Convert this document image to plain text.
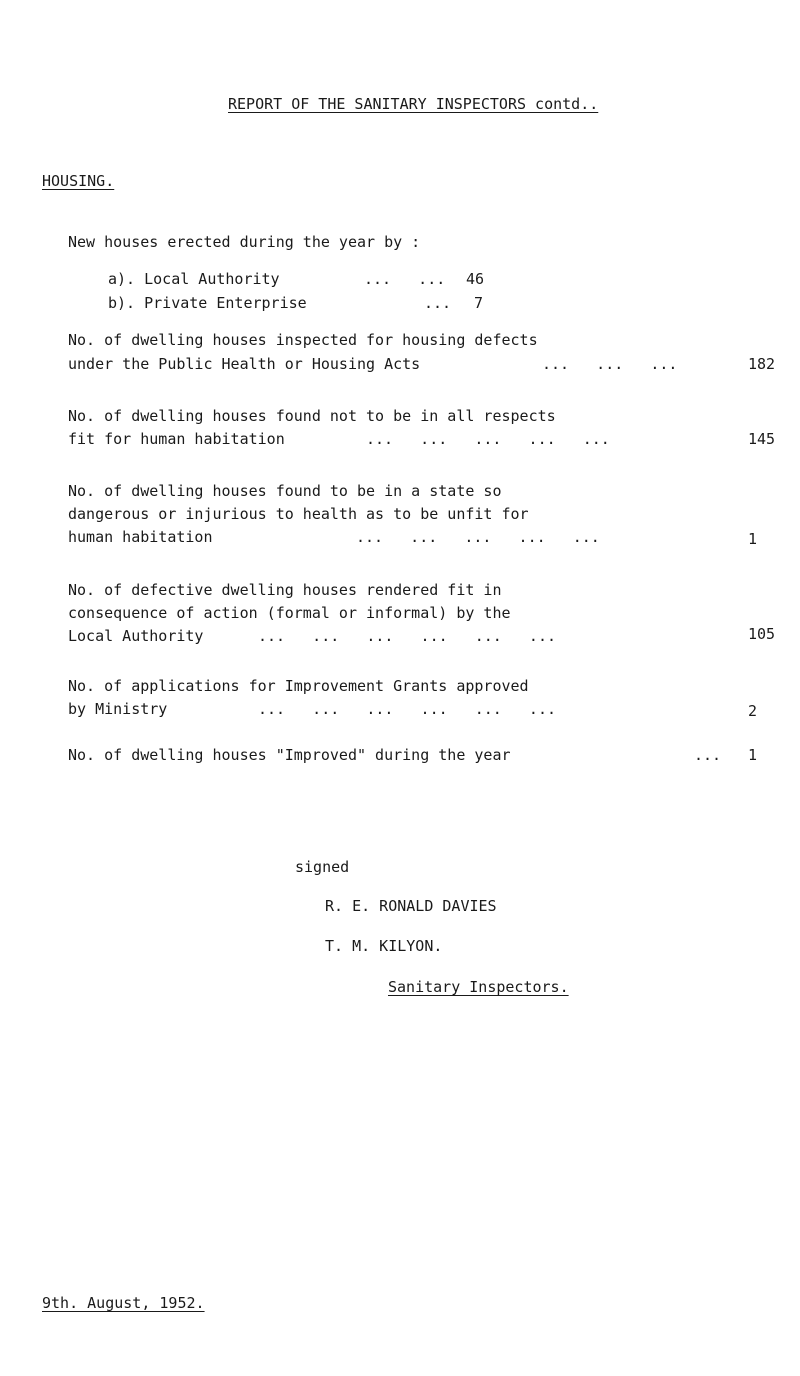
REPORT OF THE SANITARY INSPECTORS contd..
HOUSING.
New houses erected during the year by :
a). Local Authority	...   ... 46
b). Private Enterprise	... 7
No. of dwelling houses inspected for housing defects
under the Public Health or Housing Acts	...   ...   ...	182
No. of dwelling houses found not to be in all respects
fit for human habitation	...   ...   ...   ...   ...	145
No. of dwelling houses found to be in a state so
dangerous or injurious to health as to be unfit for
human habitation	...   ...   ...   ...   ...	1
No. of defective dwelling houses rendered fit in
consequence of action (formal or informal) by the
Local Authority	...   ...   ...   ...   ...   ...	105
No. of applications for Improvement Grants approved
by Ministry	...   ...   ...   ...   ...   ...	2
No. of dwelling houses "Improved" during the year	... 1
signed
R. E. RONALD DAVIES
T. M. KILYON.
Sanitary Inspectors.
9th. August, 1952.
